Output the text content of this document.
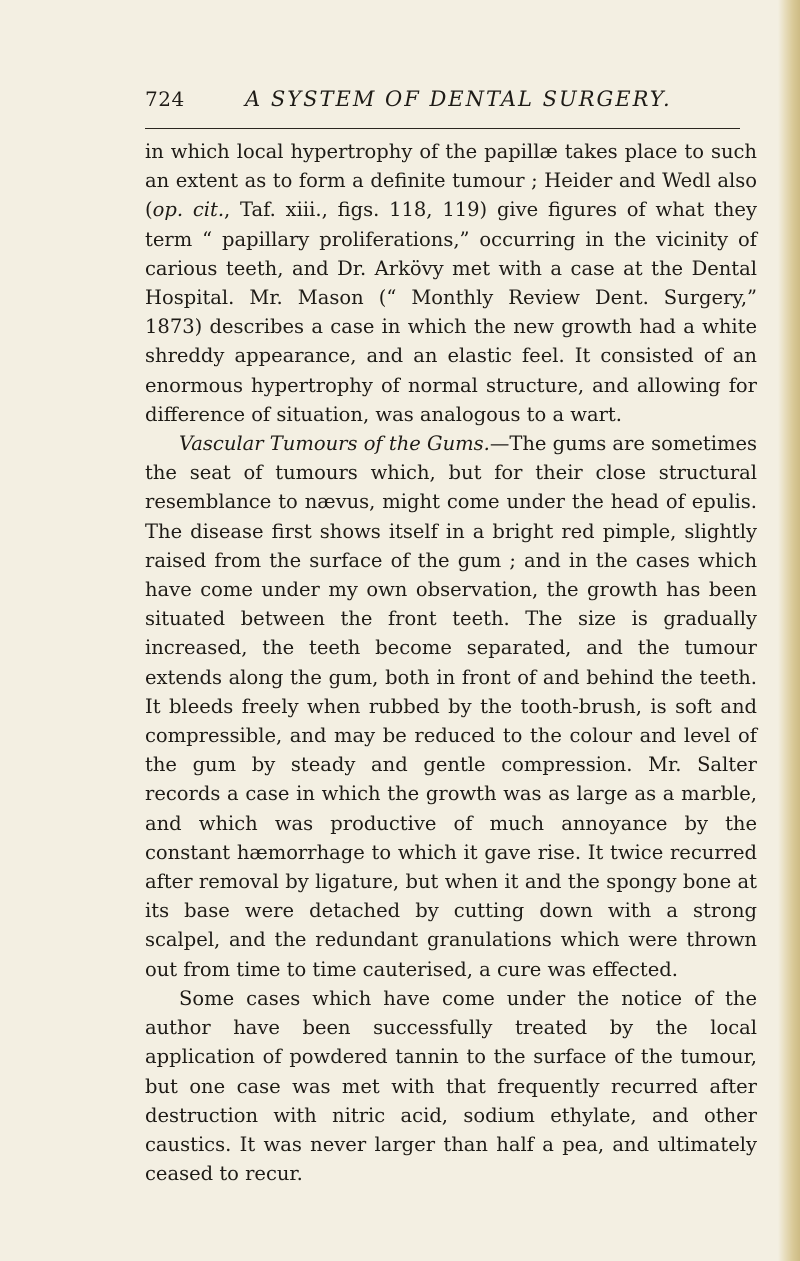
724	A SYSTEM OF DENTAL SURGERY.

in which local hypertrophy of the papillæ takes place to such an extent as to form a definite tumour ; Heider and Wedl also (op. cit., Taf. xiii., figs. 118, 119) give figures of what they term “ papillary proliferations,” occurring in the vicinity of carious teeth, and Dr. Arkövy met with a case at the Dental Hospital. Mr. Mason (“ Monthly Review Dent. Surgery,” 1873) describes a case in which the new growth had a white shreddy appearance, and an elastic feel. It consisted of an enormous hypertrophy of normal structure, and allowing for difference of situation, was analogous to a wart.

Vascular Tumours of the Gums.—The gums are sometimes the seat of tumours which, but for their close structural resemblance to nævus, might come under the head of epulis. The disease first shows itself in a bright red pimple, slightly raised from the surface of the gum ; and in the cases which have come under my own observation, the growth has been situated between the front teeth. The size is gradually increased, the teeth become separated, and the tumour extends along the gum, both in front of and behind the teeth. It bleeds freely when rubbed by the tooth-brush, is soft and compressible, and may be reduced to the colour and level of the gum by steady and gentle compression. Mr. Salter records a case in which the growth was as large as a marble, and which was productive of much annoyance by the constant hæmorrhage to which it gave rise. It twice recurred after removal by ligature, but when it and the spongy bone at its base were detached by cutting down with a strong scalpel, and the redundant granulations which were thrown out from time to time cauterised, a cure was effected.

Some cases which have come under the notice of the author have been successfully treated by the local application of powdered tannin to the surface of the tumour, but one case was met with that frequently recurred after destruction with nitric acid, sodium ethylate, and other caustics. It was never larger than half a pea, and ultimately ceased to recur.
